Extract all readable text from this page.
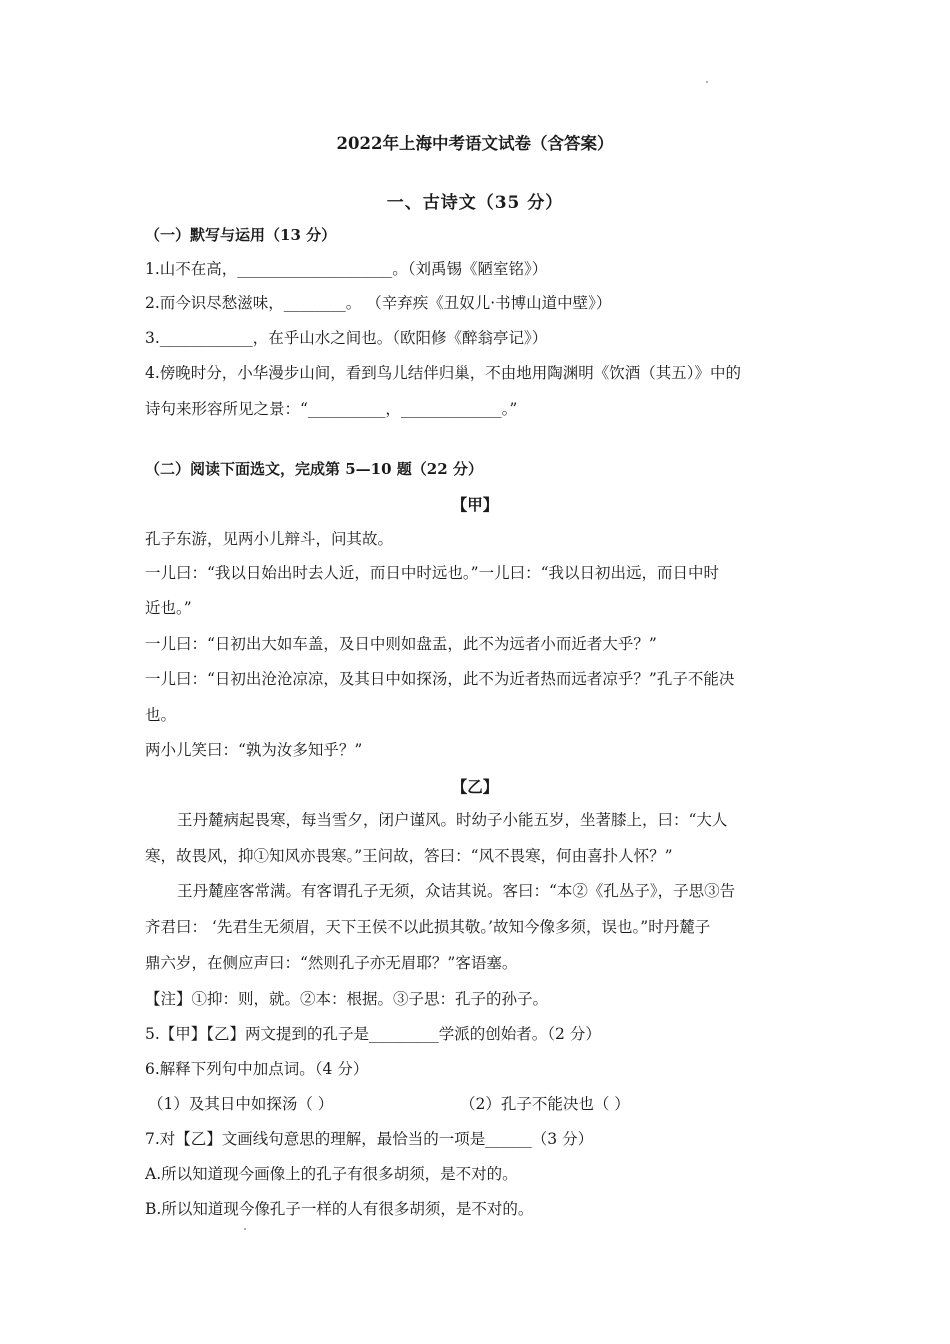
2022年上海中考语文试卷（含答案）
一、古诗文（35 分）
（一）默写与运用（13 分）
1.山不在高，____________________。（刘禹锡《陋室铭》）
2.而今识尽愁滋味，________。 （辛弃疾《丑奴儿·书博山道中壁》）
3.____________，在乎山水之间也。（欧阳修《醉翁亭记》）
4.傍晚时分，小华漫步山间，看到鸟儿结伴归巢，不由地用陶渊明《饮酒（其五）》中的
诗句来形容所见之景：“__________，_____________。”
（二）阅读下面选文，完成第 5—10 题（22 分）
【甲】
孔子东游，见两小儿辩斗，问其故。
一儿曰：“我以日始出时去人近，而日中时远也。”一儿曰：“我以日初出远，而日中时
近也。”
一儿曰：“日初出大如车盖，及日中则如盘盂，此不为远者小而近者大乎？”
一儿曰：“日初出沧沧凉凉，及其日中如探汤，此不为近者热而远者凉乎？”孔子不能决
也。
两小儿笑曰：“孰为汝多知乎？”
【乙】
王丹麓病起畏寒，每当雪夕，闭户谨风。时幼子小能五岁，坐著膝上，曰：“大人
寒，故畏风，抑①知风亦畏寒。”王问故，答曰：“风不畏寒，何由喜扑人怀？”
王丹麓座客常满。有客谓孔子无须，众诘其说。客曰：“本②《孔丛子》，子思③告
齐君曰： ‘先君生无须眉，天下王侯不以此损其敬。’故知今像多须，误也。”时丹麓子
鼎六岁，在侧应声曰：“然则孔子亦无眉耶？”客语塞。
【注】①抑：则，就。②本：根据。③子思：孔子的孙子。
5.【甲】【乙】两文提到的孔子是_________学派的创始者。（2 分）
6.解释下列句中加点词。（4 分）
（1）及其日中如探汤（ ）	（2）孔子不能决也（ ）
7.对【乙】文画线句意思的理解，最恰当的一项是______（3 分）
A.所以知道现今画像上的孔子有很多胡须，是不对的。
B.所以知道现今像孔子一样的人有很多胡须，是不对的。
